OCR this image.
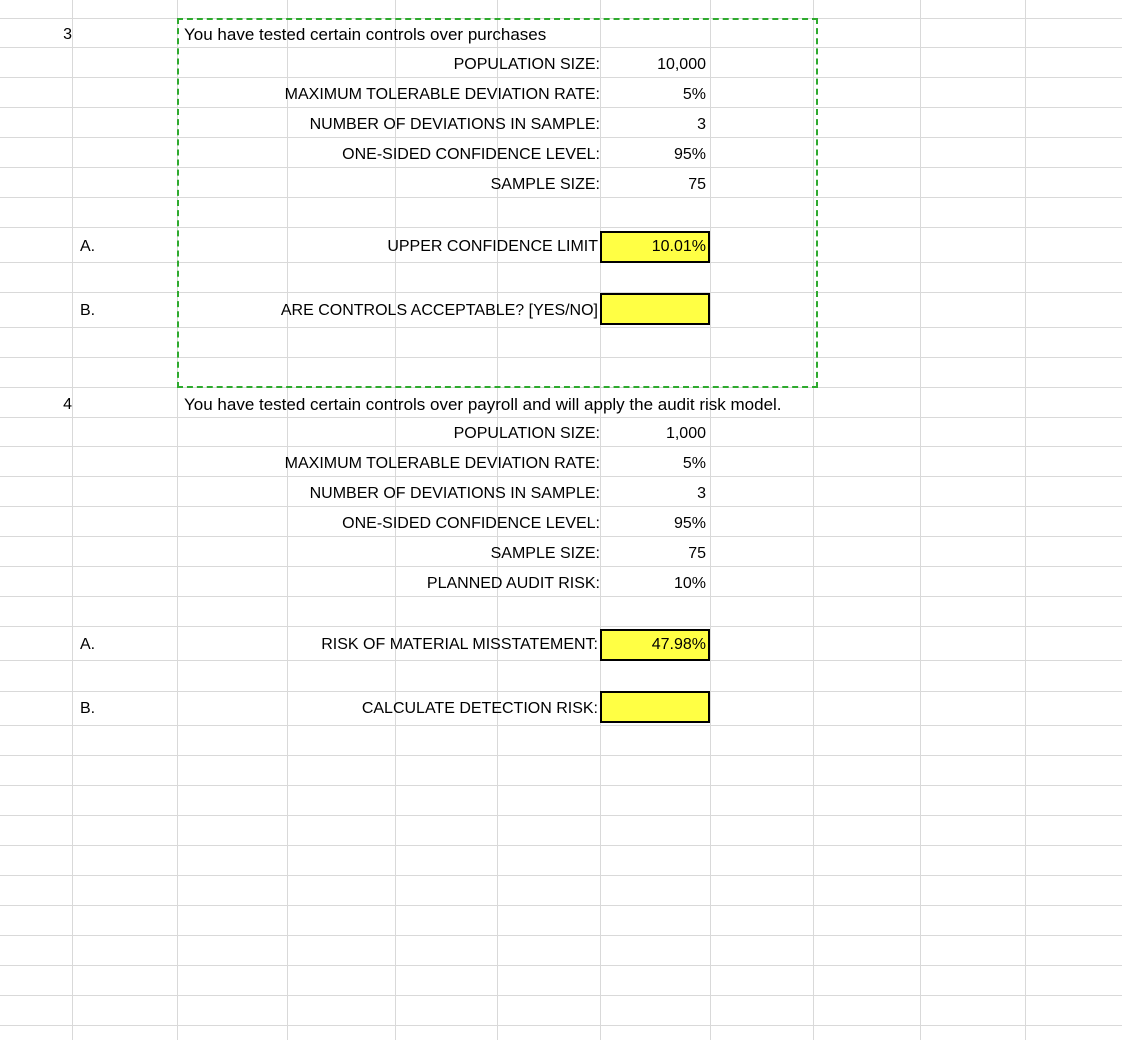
3	You have tested certain controls over purchases
POPULATION SIZE:	10,000
MAXIMUM TOLERABLE DEVIATION RATE:	5%
NUMBER OF DEVIATIONS IN SAMPLE:	3
ONE-SIDED CONFIDENCE LEVEL:	95%
SAMPLE SIZE:	75
A.	UPPER CONFIDENCE LIMIT	10.01%
B.	ARE CONTROLS ACCEPTABLE? [YES/NO]
4	You have tested certain controls over payroll and will apply the audit risk model.
POPULATION SIZE:	1,000
MAXIMUM TOLERABLE DEVIATION RATE:	5%
NUMBER OF DEVIATIONS IN SAMPLE:	3
ONE-SIDED CONFIDENCE LEVEL:	95%
SAMPLE SIZE:	75
PLANNED AUDIT RISK:	10%
A.	RISK OF MATERIAL MISSTATEMENT:	47.98%
B.	CALCULATE DETECTION RISK:
